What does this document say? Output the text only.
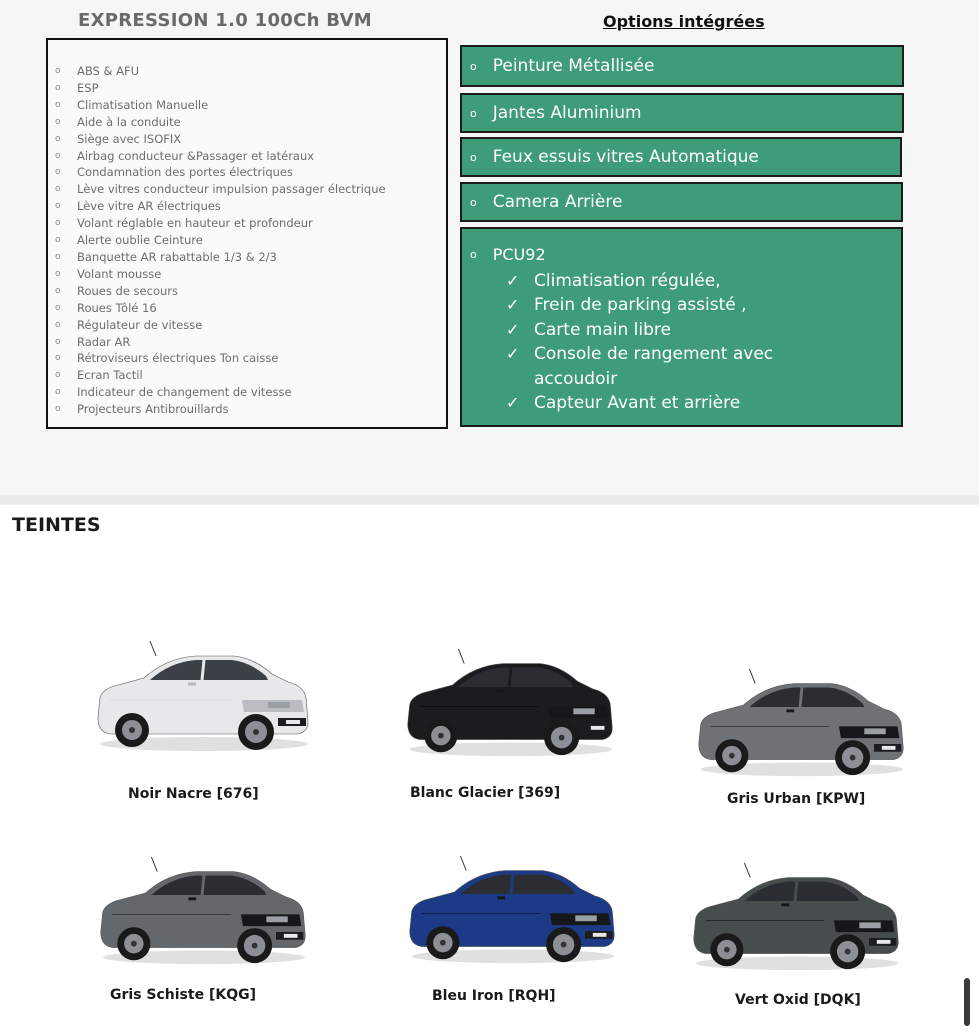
EXPRESSION 1.0 100Ch BVM	Options intégrées
o ABS & AFU
o ESP
o Climatisation Manuelle
o Aide à la conduite
o Siège avec ISOFIX
o Airbag conducteur &Passager et latéraux
o Condamnation des portes électriques
o Lève vitres conducteur impulsion passager électrique
o Lève vitre AR électriques
o Volant réglable en hauteur et profondeur
o Alerte oublie Ceinture
o Banquette AR rabattable 1/3 & 2/3
o Volant mousse
o Roues de secours
o Roues Tôlé 16
o Régulateur de vitesse
o Radar AR
o Rétroviseurs électriques Ton caisse
o Ecran Tactil
o Indicateur de changement de vitesse
o Projecteurs Antibrouillards
o Peinture Métallisée
o Jantes Aluminium
o Feux essuis vitres Automatique
o Camera Arrière
o PCU92
✓ Climatisation régulée,
✓ Frein de parking assisté ,
✓ Carte main libre
✓ Console de rangement avec accoudoir
✓ Capteur Avant et arrière
TEINTES
Noir Nacre [676]	Blanc Glacier [369]	Gris Urban [KPW]
Gris Schiste [KQG]	Bleu Iron [RQH]	Vert Oxid [DQK]
